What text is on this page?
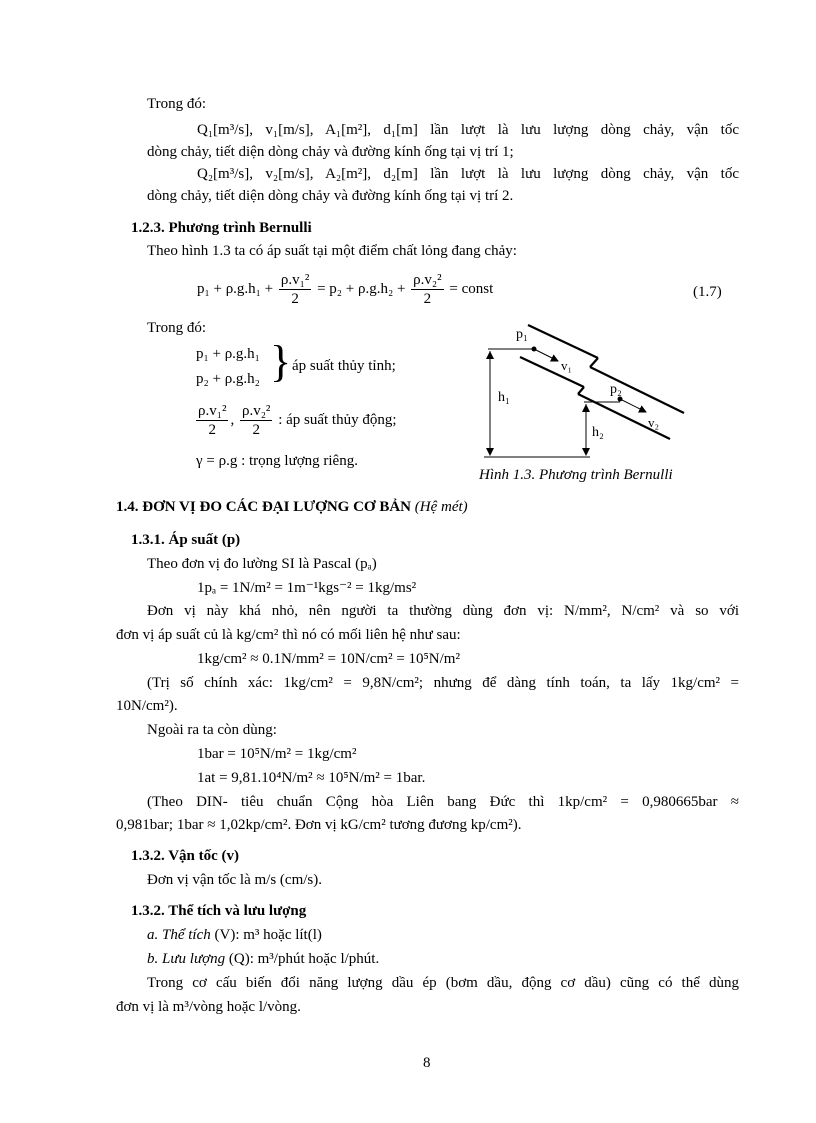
Trong đó:
Q₁[m³/s], v₁[m/s], A₁[m²], d₁[m] lần lượt là lưu lượng dòng chảy, vận tốc
dòng chảy, tiết diện dòng chảy và đường kính ống tại vị trí 1;
Q₂[m³/s], v₂[m/s], A₂[m²], d₂[m] lần lượt là lưu lượng dòng chảy, vận tốc
dòng chảy, tiết diện dòng chảy và đường kính ống tại vị trí 2.
1.2.3. Phương trình Bernulli
Theo hình 1.3 ta có áp suất tại một điểm chất lỏng đang chảy:
$p_1 + \rho.g.h_1 + \frac{\text{ρ.v₁²}}{2} = p_2 + \rho.g.h_2 + \frac{\text{ρ.v₂²}}{2}$ = const	(1.7)
Trong đó:
p₁ + ρ.g.h₁
p₂ + ρ.g.h₂ } áp suất thủy tỉnh;
$\frac{\text{ρ.v₁²}}{2}$ , $\frac{\text{ρ.v₂²}}{2}$ : áp suất thủy động;
γ = ρ.g : trọng lượng riêng.
p₁
v₁
p₂
v₂
h₁
h₂
Hình 1.3. Phương trình Bernulli
1.4. ĐƠN VỊ ĐO CÁC ĐẠI LƯỢNG CƠ BẢN (Hệ mét)
1.3.1. Áp suất (p)
Theo đơn vị đo lường SI là Pascal (pₐ)
1pₐ = 1N/m² = 1m⁻¹kgs⁻² = 1kg/ms²
Đơn vị này khá nhỏ, nên người ta thường dùng đơn vị: N/mm², N/cm² và so với
đơn vị áp suất củ là kg/cm² thì nó có mối liên hệ như sau:
1kg/cm² ≈ 0.1N/mm² = 10N/cm² = 10⁵N/m²
(Trị số chính xác: 1kg/cm² = 9,8N/cm²; nhưng để dàng tính toán, ta lấy 1kg/cm² =
10N/cm²).
Ngoài ra ta còn dùng:
1bar = 10⁵N/m² = 1kg/cm²
1at = 9,81.10⁴N/m² ≈ 10⁵N/m² = 1bar.
(Theo DIN- tiêu chuẩn Cộng hòa Liên bang Đức thì 1kp/cm² = 0,980665bar ≈
0,981bar; 1bar ≈ 1,02kp/cm². Đơn vị kG/cm² tương đương kp/cm²).
1.3.2. Vận tốc (v)
Đơn vị vận tốc là m/s (cm/s).
1.3.2. Thể tích và lưu lượng
a. Thể tích (V): m³ hoặc lít(l)
b. Lưu lượng (Q): m³/phút hoặc l/phút.
Trong cơ cấu biến đổi năng lượng dầu ép (bơm dầu, động cơ dầu) cũng có thể dùng
đơn vị là m³/vòng hoặc l/vòng.
8
